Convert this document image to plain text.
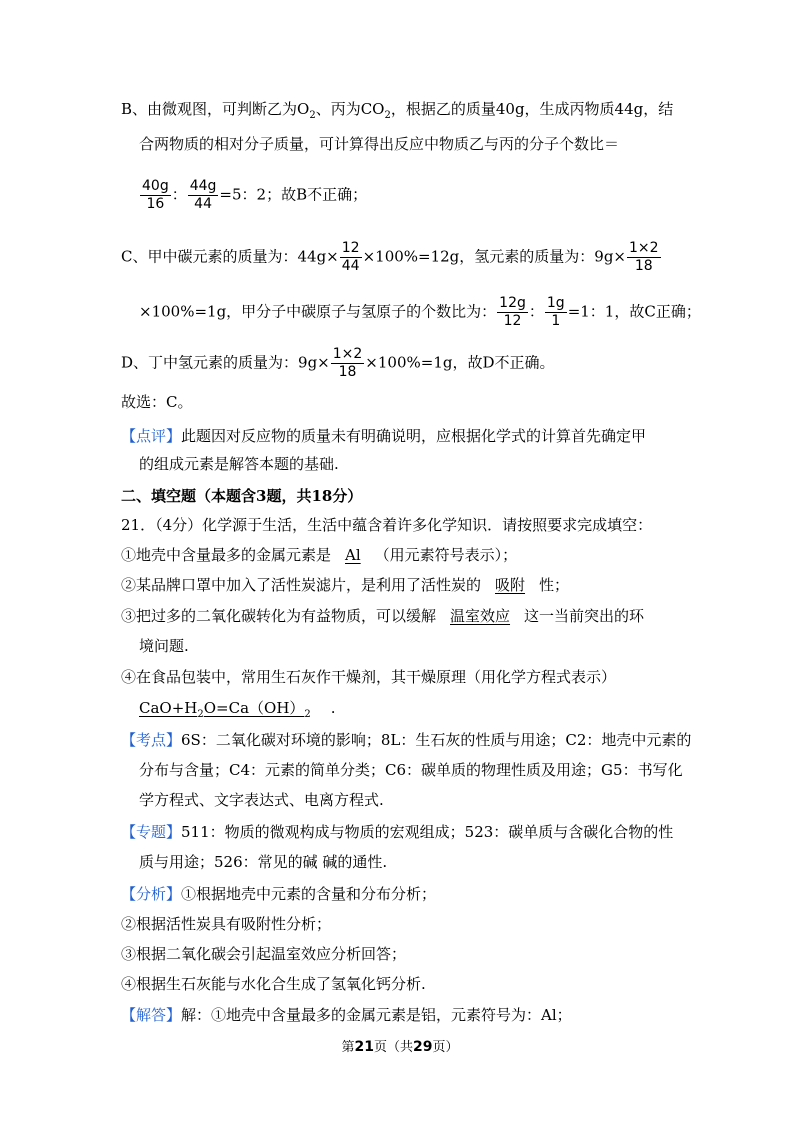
B、由微观图，可判断乙为$O_2$、丙为$CO_2$，根据乙的质量40g，生成丙物质44g，结
合两物质的相对分子质量，可计算得出反应中物质乙与丙的分子个数比＝
$\frac{40g}{16}$ ： $\frac{44g}{44} =5$：2；故B不正确；
C、甲中碳元素的质量为：$44g\times \frac{12}{44} \times 100\%=12g$，氢元素的质量为：$9g\times \frac{1\times 2}{18}$
×100%=1g，甲分子中碳原子与氢原子的个数比为： $\frac{12g}{12}$ ： $\frac{1g}{1} =1$：1，故C正确；
D、丁中氢元素的质量为：$9g\times \frac{1\times 2}{18} \times 100\%=1g$，故D不正确。
故选：C。
【点评】此题因对反应物的质量未有明确说明，应根据化学式的计算首先确定甲
的组成元素是解答本题的基础.
二、填空题（本题含3题，共18分）
21．（4分）化学源于生活，生活中蕴含着许多化学知识．请按照要求完成填空：
①地壳中含量最多的金属元素是 Al （用元素符号表示）；
②某品牌口罩中加入了活性炭滤片，是利用了活性炭的 吸附 性；
③把过多的二氧化碳转化为有益物质，可以缓解 温室效应 这一当前突出的环
境问题.
④在食品包装中，常用生石灰作干燥剂，其干燥原理（用化学方程式表示）
$CaO+H_2O=Ca(OH)_2$ .
【考点】6S：二氧化碳对环境的影响；8L：生石灰的性质与用途；C2：地壳中元素的
分布与含量；C4：元素的简单分类；C6：碳单质的物理性质及用途；G5：书写化
学方程式、文字表达式、电离方程式.
【专题】511：物质的微观构成与物质的宏观组成；523：碳单质与含碳化合物的性
质与用途；526：常见的碱 碱的通性.
【分析】①根据地壳中元素的含量和分布分析；
②根据活性炭具有吸附性分析；
③根据二氧化碳会引起温室效应分析回答；
④根据生石灰能与水化合生成了氢氧化钙分析.
【解答】解：①地壳中含量最多的金属元素是铝，元素符号为：Al；
第21页（共29页）
